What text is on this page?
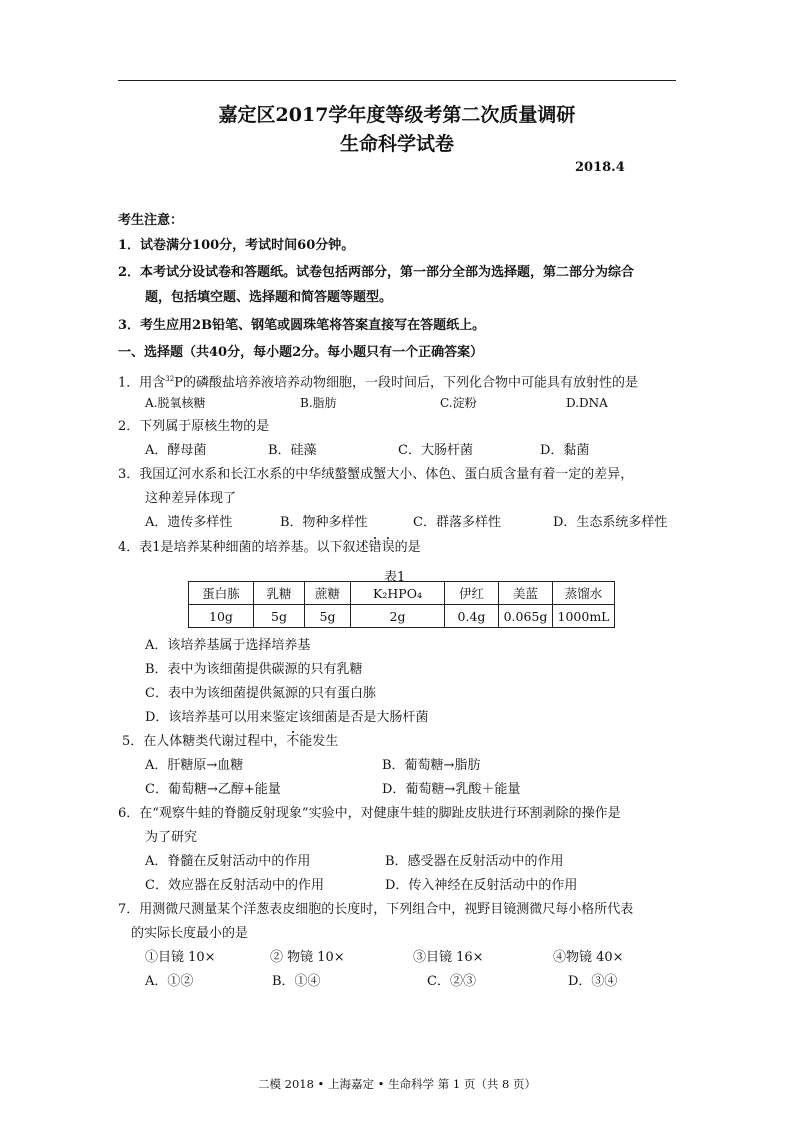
嘉定区2017学年度等级考第二次质量调研
生命科学试卷
2018.4
考生注意：
1．试卷满分100分，考试时间60分钟。
2．本考试分设试卷和答题纸。试卷包括两部分，第一部分全部为选择题，第二部分为综合
题，包括填空题、选择题和简答题等题型。
3．考生应用2B铅笔、钢笔或圆珠笔将答案直接写在答题纸上。
一、选择题（共40分，每小题2分。每小题只有一个正确答案）
1．用含$^{32}$P的磷酸盐培养液培养动物细胞，一段时间后，下列化合物中可能具有放射性的是
A.脱氧核糖	B.脂肪	C.淀粉	D.DNA
2．下列属于原核生物的是
A．酵母菌	B．硅藻	C．大肠杆菌	D．黏菌
3．我国辽河水系和长江水系的中华绒螯蟹成蟹大小、体色、蛋白质含量有着一定的差异，
这种差异体现了
A．遗传多样性	B．物种多样性	C．群落多样性	D．生态系统多样性
4．表1是培养某种细菌的培养基。以下叙述错误的是
表1
蛋白胨	乳糖	蔗糖	K₂HPO₄	伊红	美蓝	蒸馏水
10g	5g	5g	2g	0.4g	0.065g	1000mL
A．该培养基属于选择培养基
B．表中为该细菌提供碳源的只有乳糖
C．表中为该细菌提供氮源的只有蛋白胨
D．该培养基可以用来鉴定该细菌是否是大肠杆菌
5．在人体糖类代谢过程中，不能发生
A．肝糖原→血糖	B．葡萄糖→脂肪
C．葡萄糖→乙醇+能量	D．葡萄糖→乳酸＋能量
6．在“观察牛蛙的脊髓反射现象”实验中，对健康牛蛙的脚趾皮肤进行环割剥除的操作是
为了研究
A．脊髓在反射活动中的作用	B．感受器在反射活动中的作用
C．效应器在反射活动中的作用	D．传入神经在反射活动中的作用
7．用测微尺测量某个洋葱表皮细胞的长度时，下列组合中，视野目镜测微尺每小格所代表
的实际长度最小的是
①目镜 10×	② 物镜 10×	③目镜 16×	④物镜 40×
A．①②	B．①④	C．②③	D．③④
二模 2018 • 上海嘉定 • 生命科学 第 1 页（共 8 页）
